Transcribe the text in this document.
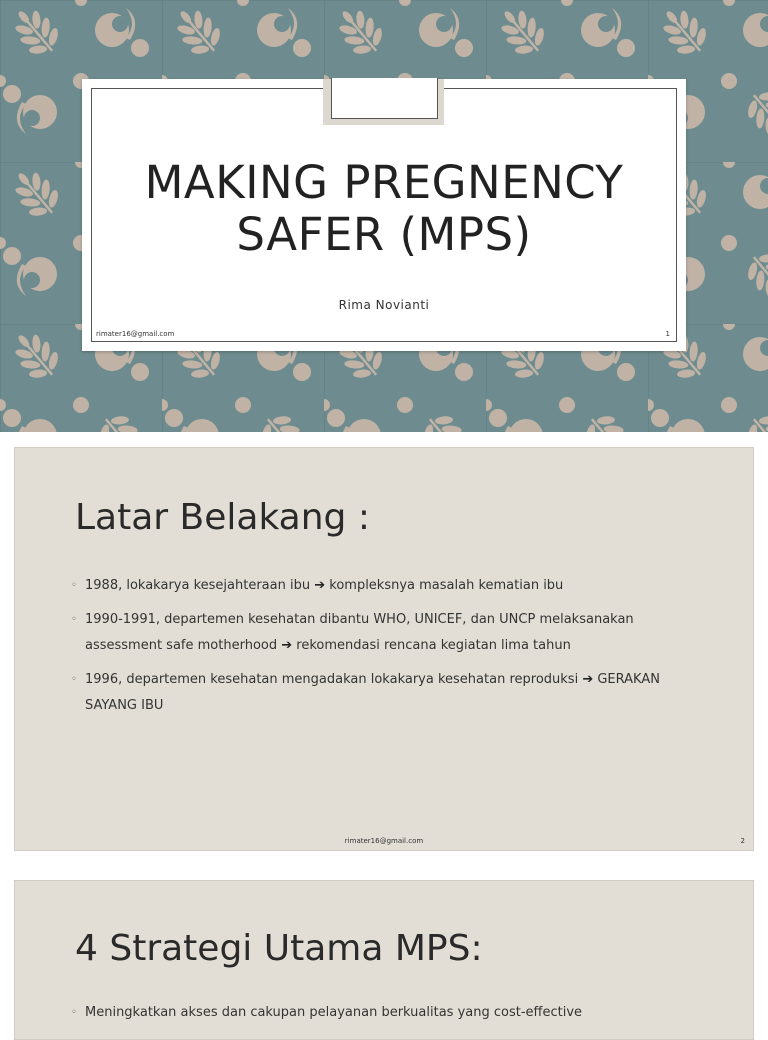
MAKING PREGNENCY
SAFER (MPS)
Rima Novianti
rimater16@gmail.com	1
Latar Belakang :
◦ 1988, lokakarya kesejahteraan ibu ➔ kompleksnya masalah kematian ibu
◦ 1990-1991, departemen kesehatan dibantu WHO, UNICEF, dan UNCP melaksanakan assessment safe motherhood ➔ rekomendasi rencana kegiatan lima tahun
◦ 1996, departemen kesehatan mengadakan lokakarya kesehatan reproduksi ➔ GERAKAN SAYANG IBU
rimater16@gmail.com	2
4 Strategi Utama MPS:
◦ Meningkatkan akses dan cakupan pelayanan berkualitas yang cost-effective
